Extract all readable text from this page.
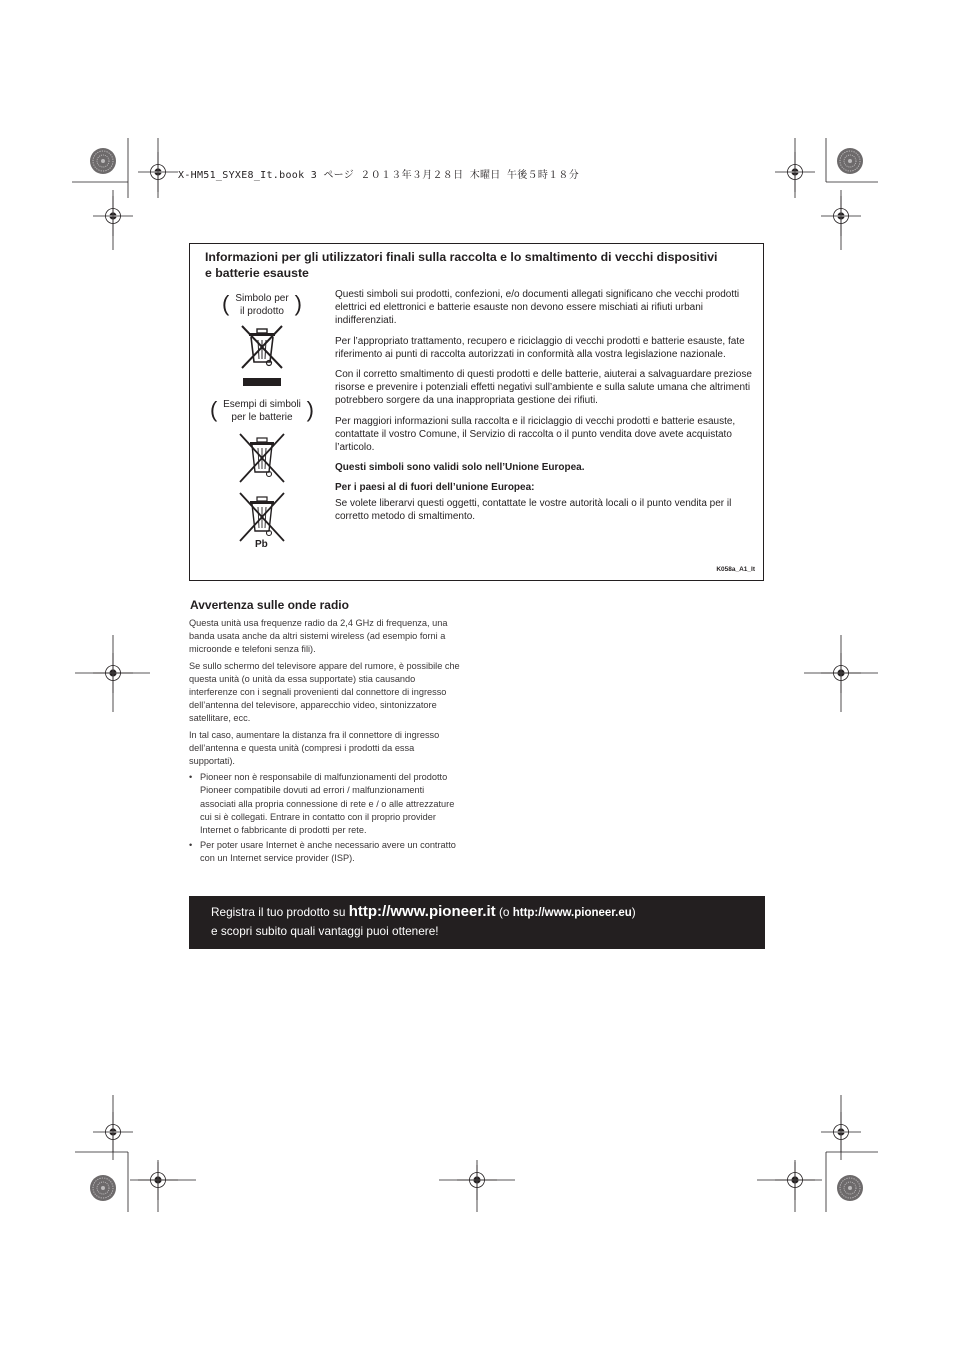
X-HM51_SYXE8_It.book 3 ページ ２０１３年３月２８日 木曜日 午後５時１８分
Informazioni per gli utilizzatori finali sulla raccolta e lo smaltimento di vecchi dispositivi e batterie esauste
( Simbolo per
il prodotto
)
( Esempi di simboli
per le batterie
)
Pb

Questi simboli sui prodotti, confezioni, e/o documenti allegati significano che vecchi prodotti elettrici ed elettronici e batterie esauste non devono essere mischiati ai rifiuti urbani indifferenziati.

Per l’appropriato trattamento, recupero e riciclaggio di vecchi prodotti e batterie esauste, fate riferimento ai punti di raccolta autorizzati in conformità alla vostra legislazione nazionale.

Con il corretto smaltimento di questi prodotti e delle batterie, aiuterai a salvaguardare preziose risorse e prevenire i potenziali effetti negativi sull’ambiente e sulla salute umana che altrimenti potrebbero sorgere da una inappropriata gestione dei rifiuti.

Per maggiori informazioni sulla raccolta e il riciclaggio di vecchi prodotti e batterie esauste, contattate il vostro Comune, il Servizio di raccolta o il punto vendita dove avete acquistato l’articolo.

Questi simboli sono validi solo nell’Unione Europea.

Per i paesi al di fuori dell’unione Europea:

Se volete liberarvi questi oggetti, contattate le vostre autorità locali o il punto vendita per il corretto metodo di smaltimento.

K058a_A1_It
Avvertenza sulle onde radio

Questa unità usa frequenze radio da 2,4 GHz di frequenza, una banda usata anche da altri sistemi wireless (ad esempio forni a microonde e telefoni senza fili).

Se sullo schermo del televisore appare del rumore, è possibile che questa unità (o unità da essa supportate) stia causando interferenze con i segnali provenienti dal connettore di ingresso dell’antenna del televisore, apparecchio video, sintonizzatore satellitare, ecc.

In tal caso, aumentare la distanza fra il connettore di ingresso dell’antenna e questa unità (compresi i prodotti da essa supportati).

• Pioneer non è responsabile di malfunzionamenti del prodotto Pioneer compatibile dovuti ad errori / malfunzionamenti associati alla propria connessione di rete e / o alle attrezzature cui si è collegati. Entrare in contatto con il proprio provider Internet o fabbricante di prodotti per rete.
• Per poter usare Internet è anche necessario avere un contratto con un Internet service provider (ISP).
Registra il tuo prodotto su http://www.pioneer.it (o http://www.pioneer.eu)
e scopri subito quali vantaggi puoi ottenere!
